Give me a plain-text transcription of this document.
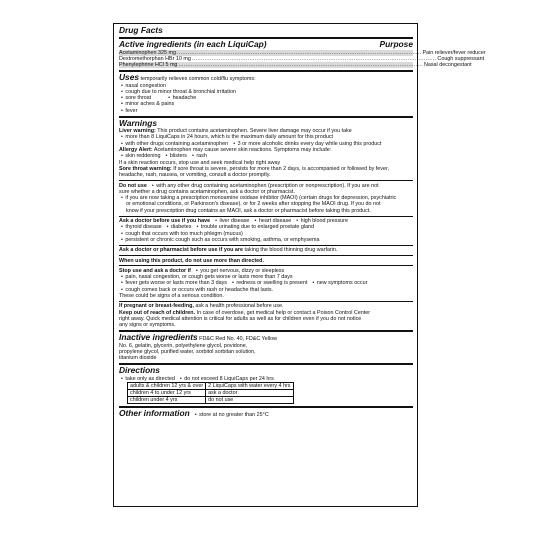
Drug Facts
Active ingredients (in each LiquiCap)	Purpose
Acetaminophen 325 mg ........................................................................................................................................ Pain reliever/fever reducer
Dextromethorphan HBr 10 mg ........................................................................................................................................ Cough suppressant
Phenylephrine HCl 5 mg ........................................................................................................................................ Nasal decongestant
Uses temporarily relieves common cold/flu symptoms:
• nasal congestion
• cough due to minor throat & bronchial irritation
• sore throat	• headache
• minor aches & pains
• fever
Warnings
Liver warning: This product contains acetaminophen. Severe liver damage may occur if you take
• more than 8 LiquiCaps in 24 hours, which is the maximum daily amount for this product
• with other drugs containing acetaminophen • 3 or more alcoholic drinks every day while using this product
Allergy Alert: Acetaminophen may cause severe skin reactions. Symptoms may include:
• skin reddening • blisters • rash
If a skin reaction occurs, stop use and seek medical help right away
Sore throat warning: If sore throat is severe, persists for more than 2 days, is accompanied or followed by fever,
headache, rash, nausea, or vomiting, consult a doctor promptly.
Do not use • with any other drug containing acetaminophen (prescription or nonprescription). If you are not
sure whether a drug contains acetaminophen, ask a doctor or pharmacist.
• if you are now taking a prescription monoamine oxidase inhibitor (MAOI) (certain drugs for depression, psychiatric
or emotional conditions, or Parkinson's disease), or for 2 weeks after stopping the MAOI drug. If you do not
know if your prescription drug contains an MAOI, ask a doctor or pharmacist before taking this product.
Ask a doctor before use if you have • liver disease • heart disease • high blood pressure
• thyroid disease • diabetes • trouble urinating due to enlarged prostate gland
• cough that occurs with too much phlegm (mucus)
• persistent or chronic cough such as occurs with smoking, asthma, or emphysema
Ask a doctor or pharmacist before use if you are taking the blood thinning drug warfarin.
When using this product, do not use more than directed.
Stop use and ask a doctor if • you get nervous, dizzy or sleepless
• pain, nasal congestion, or cough gets worse or lasts more than 7 days
• fever gets worse or lasts more than 3 days • redness or swelling is present • new symptoms occur
• cough comes back or occurs with rash or headache that lasts.
These could be signs of a serious condition.
If pregnant or breast-feeding, ask a health professional before use.
Keep out of reach of children. In case of overdose, get medical help or contact a Poison Control Center
right away. Quick medical attention is critical for adults as well as for children even if you do not notice
any signs or symptoms.
Inactive ingredients FD&C Red No. 40, FD&C Yellow
No. 6, gelatin, glycerin, polyethylene glycol, povidone,
propylene glycol, purified water, sorbitol sorbitan solution,
titanium dioxide
Directions
• take only as directed • do not exceed 8 LiquiCaps per 24 hrs
adults & children 12 yrs & over	2 LiquiCaps with water every 4 hrs
children 4 to under 12 yrs	ask a doctor
children under 4 yrs	do not use
Other information	• store at no greater than 25°C
